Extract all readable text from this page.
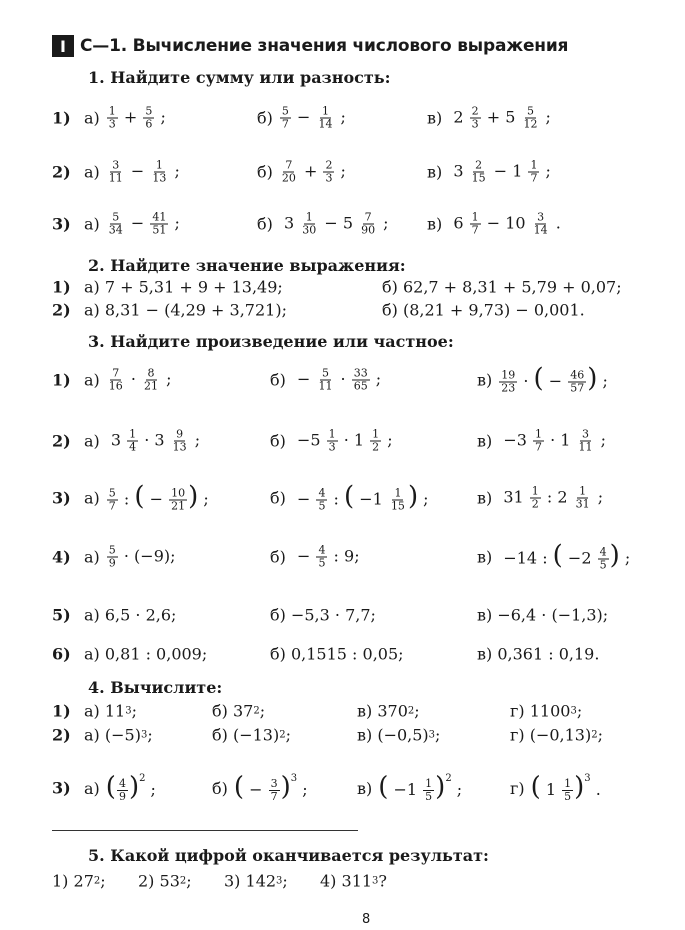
I С—1. Вычисление значения числового выражения
1. Найдите сумму или разность:
1) $а) \frac{1}{3} + \frac{5}{6}$ ;	$б) \frac{5}{7} - \frac{1}{14}$ ;	в) $2 \frac{2}{3} + 5 \frac{5}{12}$ ;
2) $а) \frac{3}{11} - \frac{1}{13}$ ;	$б) \frac{7}{20} + \frac{2}{3}$ ;	в) $3 \frac{2}{15} - 1 \frac{1}{7}$ ;
3) $а) \frac{5}{34} - \frac{41}{51}$ ;	б) $3 \frac{1}{30} - 5 \frac{7}{90}$ ; в) $6 \frac{1}{7} - 10 \frac{3}{14}$ .
2. Найдите значение выражения:
1) а) 7 + 5,31 + 9 + 13,49;	б) 62,7 + 8,31 + 5,79 + 0,07;
2) а) 8,31 − (4,29 + 3,721);	б) (8,21 + 9,73) − 0,001.
3. Найдите произведение или частное:
1) $а) \frac{7}{16} \cdot \frac{8}{21}$ ;	$б) - \frac{5}{11} \cdot \frac{33}{65}$ ;	$в) \frac{19}{23}$ · ( − $\frac{46}{57}$ ) ;
2) а) $3 \frac{1}{4} \cdot 3 \frac{9}{13}$ ;	$б) -5 \frac{1}{3} \cdot 1 \frac{1}{2}$ ;	$в) -3 \frac{1}{7} \cdot 1 \frac{3}{11}$ ;
3) $а) \frac{5}{7}$ : ( − $\frac{10}{21}$ ) ;	$б) - \frac{4}{5}$ : ( $-1 \frac{1}{15}$ ) ;	в) $31 \frac{1}{2}$ : $2 \frac{1}{31}$ ;
4) $а) \frac{5}{9} \cdot (-9)$;	$б) - \frac{4}{5}$ : 9;	в) −14 : ( $-2 \frac{4}{5}$ ) ;
5) а) 6,5 · 2,6;	б) −5,3 · 7,7;	в) −6,4 · (−1,3);
6) а) 0,81 : 0,009;	б) 0,1515 : 0,05;	в) 0,361 : 0,19.
4. Вычислите:
1) а) 11 3 ;	б) 37 2 ;	в) 370 2 ;	г) 1100 3 ;
2) а) (−5) 3 ;	б) (−13) 2 ;	в) (−0,5) 3 ;	г) (−0,13) 2 ;
3) а) ( $\frac{4}{9} )^2$ ;	б) ( − $\frac{3}{7} )^3$ ;	в) ( $-1 \frac{1}{5} )^2$ ;	г) ( $1 \frac{1}{5} )^3$ .
5. Какой цифрой оканчивается результат:
1) 27 2 ; 2) 53 2 ; 3) 142 3 ; 4) 311 3 ?
8
